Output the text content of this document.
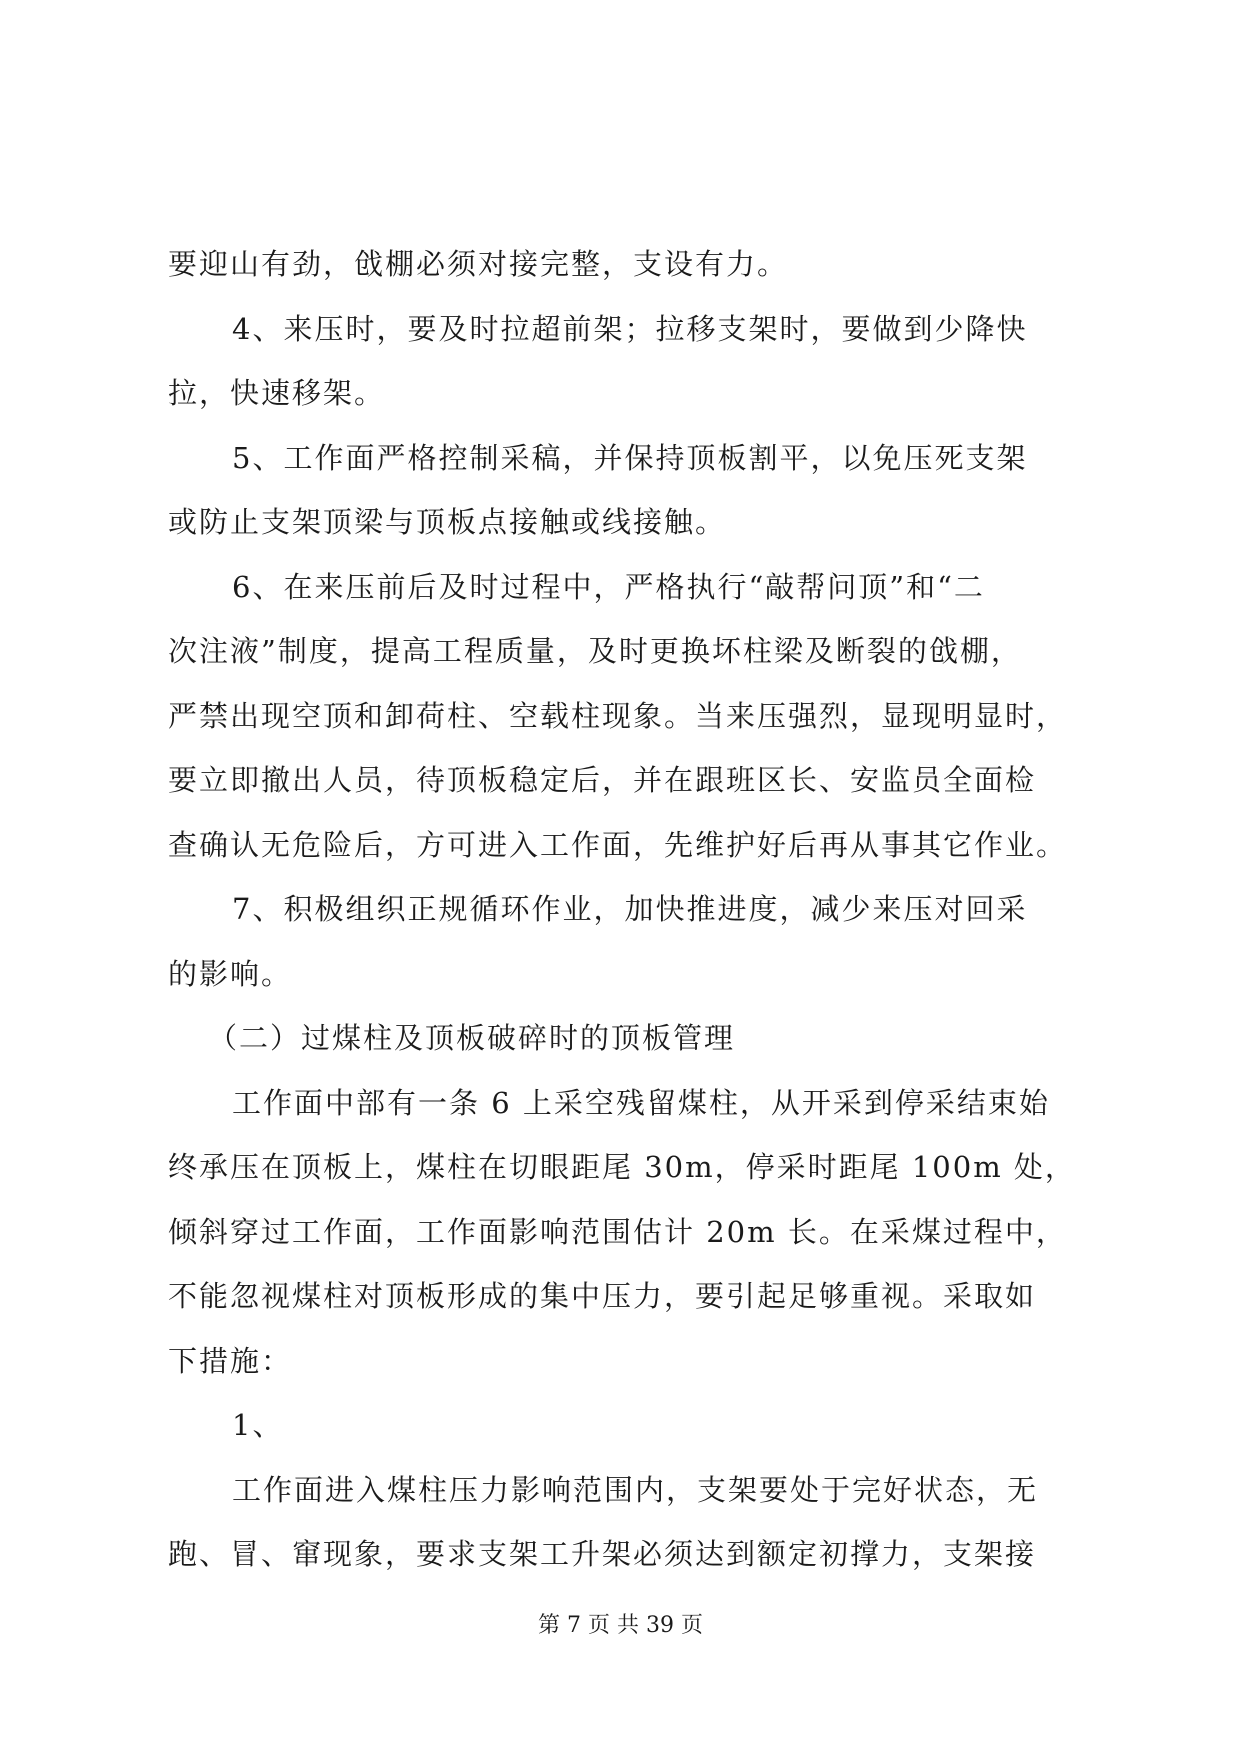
要迎山有劲，戗棚必须对接完整，支设有力。
4、来压时，要及时拉超前架；拉移支架时，要做到少降快
拉，快速移架。
5、工作面严格控制采稿，并保持顶板割平，以免压死支架
或防止支架顶梁与顶板点接触或线接触。
6、在来压前后及时过程中，严格执行“敲帮问顶”和“二
次注液”制度，提高工程质量，及时更换坏柱梁及断裂的戗棚，
严禁出现空顶和卸荷柱、空载柱现象。当来压强烈，显现明显时，
要立即撤出人员，待顶板稳定后，并在跟班区长、安监员全面检
查确认无危险后，方可进入工作面，先维护好后再从事其它作业。
7、积极组织正规循环作业，加快推进度，减少来压对回采
的影响。
（二）过煤柱及顶板破碎时的顶板管理
工作面中部有一条 6 上采空残留煤柱，从开采到停采结束始
终承压在顶板上，煤柱在切眼距尾 30m，停采时距尾 100m 处，
倾斜穿过工作面，工作面影响范围估计 20m 长。在采煤过程中，
不能忽视煤柱对顶板形成的集中压力，要引起足够重视。采取如
下措施：
1、
工作面进入煤柱压力影响范围内，支架要处于完好状态，无
跑、冒、窜现象，要求支架工升架必须达到额定初撑力，支架接
第 7 页 共 39 页
